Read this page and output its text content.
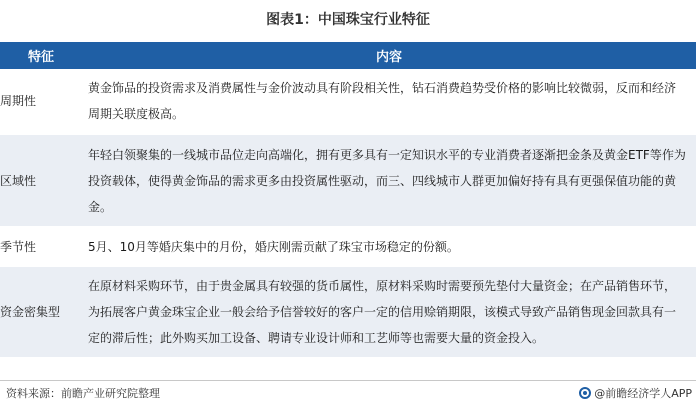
图表1：中国珠宝行业特征
特征	内容
周期性	黄金饰品的投资需求及消费属性与金价波动具有阶段相关性，钻石消费趋势受价格的影响比较微弱，反而和经济周期关联度极高。
区域性	年轻白领聚集的一线城市品位走向高端化，拥有更多具有一定知识水平的专业消费者逐渐把金条及黄金ETF等作为投资载体，使得黄金饰品的需求更多由投资属性驱动，而三、四线城市人群更加偏好持有具有更强保值功能的黄金。
季节性	5月、10月等婚庆集中的月份，婚庆刚需贡献了珠宝市场稳定的份额。
资金密集型	在原材料采购环节，由于贵金属具有较强的货币属性，原材料采购时需要预先垫付大量资金；在产品销售环节，为拓展客户黄金珠宝企业一般会给予信誉较好的客户一定的信用赊销期限，该模式导致产品销售现金回款具有一定的滞后性；此外购买加工设备、聘请专业设计师和工艺师等也需要大量的资金投入。
资料来源：前瞻产业研究院整理	@前瞻经济学人APP
